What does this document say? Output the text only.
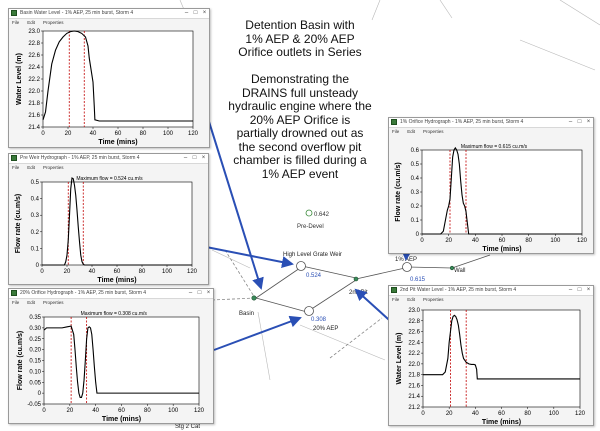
0.642
Pre-Devel
High Level Grate Weir
0.524
Basin
0.308
20% AEP
2nd Pit
1% AEP
0.615
Wall
Stg 2 Cat
Detention Basin with
1% AEP & 20% AEP
Orifice outlets in Series
Demonstrating the
DRAINS full unsteady
hydraulic engine where the
20% AEP Orifice is
partially drowned out as
the second overflow pit
chamber is filled during a
1% AEP event
Basin Water Level - 1% AEP, 25 min burst, Storm 4	– □ ×
File Edit Properties
21.4
21.6
21.8
22.0
22.2
22.4
22.6
22.8
23.0
0	20	40	60	80	100 120
Time (mins)
Water Level (m)
Pre Weir Hydrograph - 1% AEP, 25 min burst, Storm 4	– □ ×
File Edit Properties
0
0.1
0.2
0.3
0.4
0.5
0	20	40	60	80	100 120
Time (mins)
Flow rate (cu.m/s)
Maximum flow = 0.524 cu.m/s
20% Orifice Hydrograph - 1% AEP, 25 min burst, Storm 4	– □ ×
File Edit Properties
-0.05
0
0.05
0.10
0.15
0.20
0.25
0.30
0.35
0	20	40	60	80	100	120
Time (mins)
Flow rate (cu.m/s)
Maximum flow = 0.308 cu.m/s
1% Orifice Hydrograph - 1% AEP, 25 min burst, Storm 4	– □ ×
File Edit Properties
0
0.1
0.2
0.3
0.4
0.5
0.6
0	20	40	60	80	100	120
Time (mins)
Flow rate (cu.m/s)
Maximum flow = 0.615 cu.m/s
2nd Pit Water Level - 1% AEP, 25 min burst, Storm 4	– □ ×
File Edit Properties
21.2
21.4
21.6
21.8
22.0
22.2
22.4
22.6
22.8
23.0
0	20	40	60	80	100	120
Time (mins)
Water Level (m)
